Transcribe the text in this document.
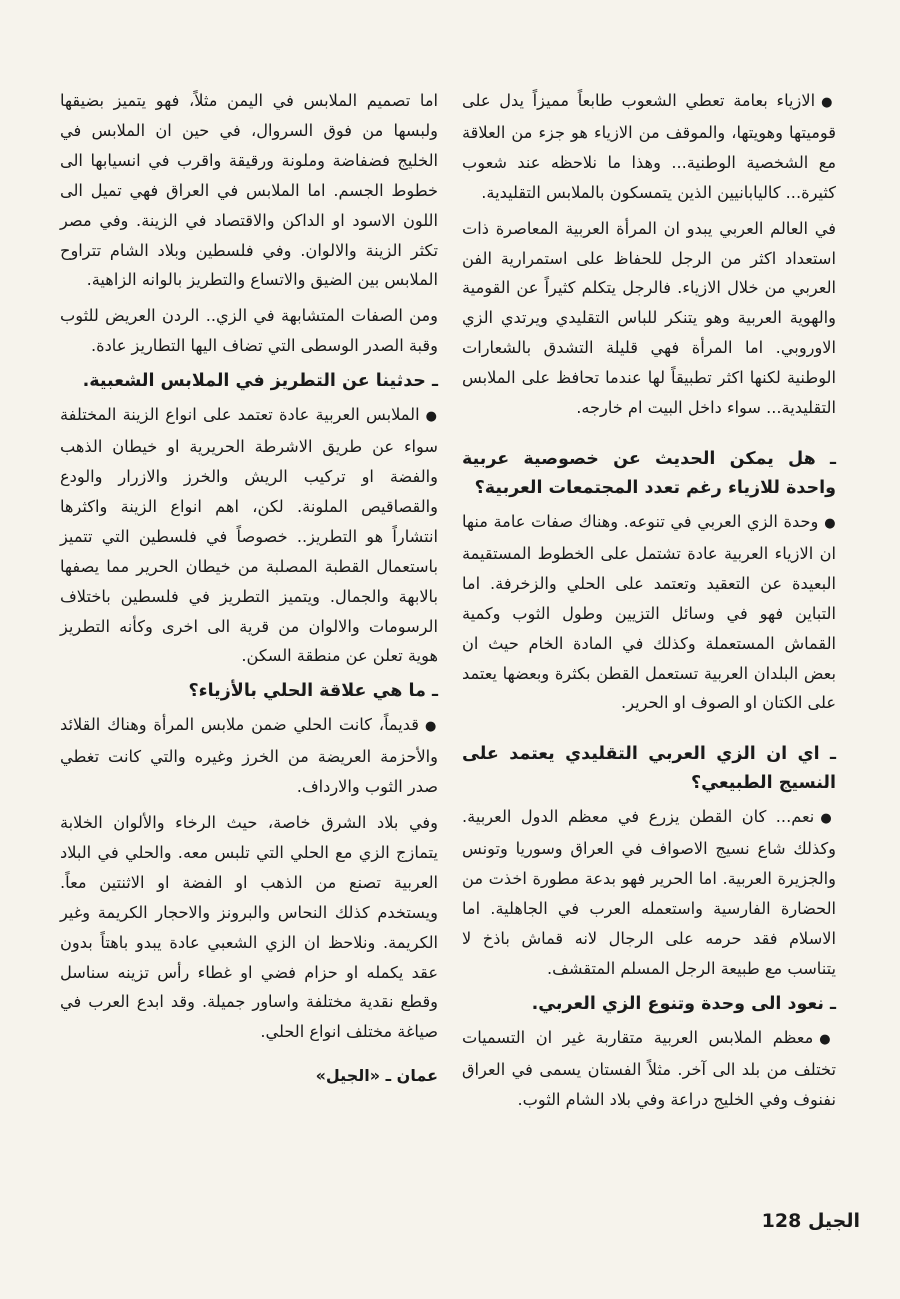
●الازياء بعامة تعطي الشعوب طابعاً مميزاً يدل على قوميتها وهويتها، والموقف من الازياء هو جزء من العلاقة مع الشخصية الوطنية... وهذا ما نلاحظه عند شعوب كثيرة... كاليابانيين الذين يتمسكون بالملابس التقليدية.

في العالم العربي يبدو ان المرأة العربية المعاصرة ذات استعداد اكثر من الرجل للحفاظ على استمرارية الفن العربي من خلال الازياء. فالرجل يتكلم كثيراً عن القومية والهوية العربية وهو يتنكر للباس التقليدي ويرتدي الزي الاوروبي. اما المرأة فهي قليلة التشدق بالشعارات الوطنية لكنها اكثر تطبيقاً لها عندما تحافظ على الملابس التقليدية... سواء داخل البيت ام خارجه.

ـ هل يمكن الحديث عن خصوصية عربية واحدة للازياء رغم تعدد المجتمعات العربية؟

●وحدة الزي العربي في تنوعه. وهناك صفات عامة منها ان الازياء العربية عادة تشتمل على الخطوط المستقيمة البعيدة عن التعقيد وتعتمد على الحلي والزخرفة. اما التباين فهو في وسائل التزيين وطول الثوب وكمية القماش المستعملة وكذلك في المادة الخام حيث ان بعض البلدان العربية تستعمل القطن بكثرة وبعضها يعتمد على الكتان او الصوف او الحرير.

ـ اي ان الزي العربي التقليدي يعتمد على النسيج الطبيعي؟

●نعم... كان القطن يزرع في معظم الدول العربية. وكذلك شاع نسيج الاصواف في العراق وسوريا وتونس والجزيرة العربية. اما الحرير فهو بدعة مطورة اخذت من الحضارة الفارسية واستعمله العرب في الجاهلية. اما الاسلام فقد حرمه على الرجال لانه قماش باذخ لا يتناسب مع طبيعة الرجل المسلم المتقشف.

ـ نعود الى وحدة وتنوع الزي العربي.

●معظم الملابس العربية متقاربة غير ان التسميات تختلف من بلد الى آخر. مثلاً الفستان يسمى في العراق نفنوف وفي الخليج دراعة وفي بلاد الشام الثوب.

اما تصميم الملابس في اليمن مثلاً، فهو يتميز بضيقها ولبسها من فوق السروال، في حين ان الملابس في الخليج فضفاضة وملونة ورقيقة واقرب في انسيابها الى خطوط الجسم. اما الملابس في العراق فهي تميل الى اللون الاسود او الداكن والاقتصاد في الزينة. وفي مصر تكثر الزينة والالوان. وفي فلسطين وبلاد الشام تتراوح الملابس بين الضيق والاتساع والتطريز بالوانه الزاهية.

ومن الصفات المتشابهة في الزي.. الردن العريض للثوب وقبة الصدر الوسطى التي تضاف اليها التطاريز عادة.

ـ حدثينا عن التطريز في الملابس الشعبية.

●الملابس العربية عادة تعتمد على انواع الزينة المختلفة سواء عن طريق الاشرطة الحريرية او خيطان الذهب والفضة او تركيب الريش والخرز والازرار والودع والقصاقيص الملونة. لكن، اهم انواع الزينة واكثرها انتشاراً هو التطريز.. خصوصاً في فلسطين التي تتميز باستعمال القطبة المصلبة من خيطان الحرير مما يصفها بالابهة والجمال. ويتميز التطريز في فلسطين باختلاف الرسومات والالوان من قرية الى اخرى وكأنه التطريز هوية تعلن عن منطقة السكن.

ـ ما هي علاقة الحلي بالأزياء؟

●قديماً، كانت الحلي ضمن ملابس المرأة وهناك القلائد والأحزمة العريضة من الخرز وغيره والتي كانت تغطي صدر الثوب والارداف.

وفي بلاد الشرق خاصة، حيث الرخاء والألوان الخلابة يتمازج الزي مع الحلي التي تلبس معه. والحلي في البلاد العربية تصنع من الذهب او الفضة او الاثنتين معاً. ويستخدم كذلك النحاس والبرونز والاحجار الكريمة وغير الكريمة. ونلاحظ ان الزي الشعبي عادة يبدو باهتاً بدون عقد يكمله او حزام فضي او غطاء رأس تزينه سناسل وقطع نقدية مختلفة واساور جميلة. وقد ابدع العرب في صياغة مختلف انواع الحلي.

عمان ـ «الجيل»
الجيل 128
